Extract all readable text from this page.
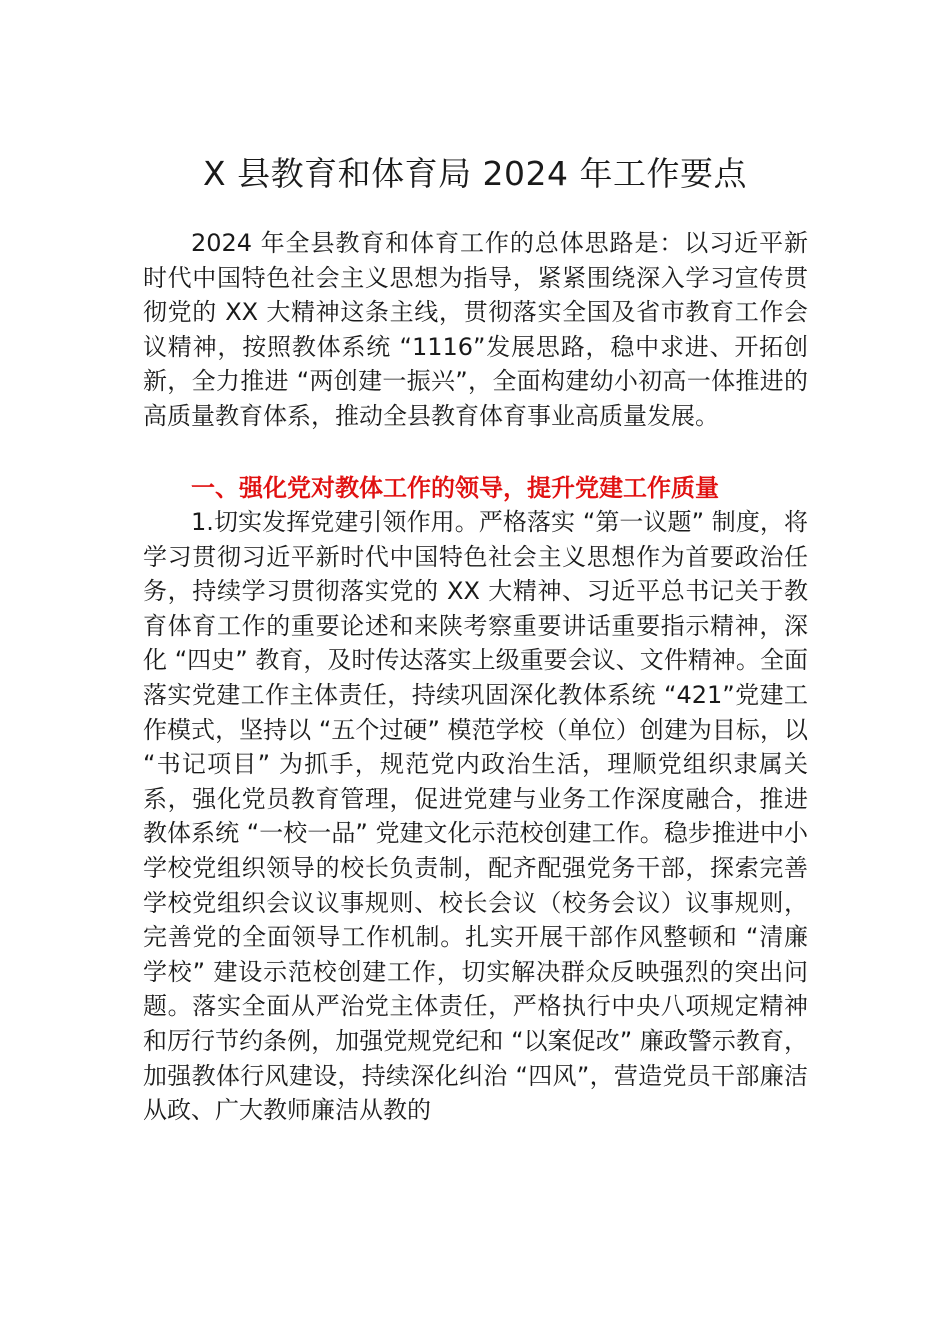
X 县教育和体育局 2024 年工作要点

2024 年全县教育和体育工作的总体思路是：以习近平新时代中国特色社会主义思想为指导，紧紧围绕深入学习宣传贯彻党的 XX 大精神这条主线，贯彻落实全国及省市教育工作会议精神，按照教体系统 “1116”发展思路，稳中求进、开拓创新，全力推进 “两创建一振兴”，全面构建幼小初高一体推进的高质量教育体系，推动全县教育体育事业高质量发展。

一、强化党对教体工作的领导，提升党建工作质量

1.切实发挥党建引领作用。严格落实 “第一议题” 制度，将学习贯彻习近平新时代中国特色社会主义思想作为首要政治任务，持续学习贯彻落实党的 XX 大精神、习近平总书记关于教育体育工作的重要论述和来陕考察重要讲话重要指示精神，深化 “四史” 教育，及时传达落实上级重要会议、文件精神。全面落实党建工作主体责任，持续巩固深化教体系统 “421”党建工作模式，坚持以 “五个过硬” 模范学校（单位）创建为目标，以 “书记项目” 为抓手，规范党内政治生活，理顺党组织隶属关系，强化党员教育管理，促进党建与业务工作深度融合，推进教体系统 “一校一品” 党建文化示范校创建工作。稳步推进中小学校党组织领导的校长负责制，配齐配强党务干部，探索完善学校党组织会议议事规则、校长会议（校务会议）议事规则，完善党的全面领导工作机制。扎实开展干部作风整顿和 “清廉学校” 建设示范校创建工作，切实解决群众反映强烈的突出问题。落实全面从严治党主体责任，严格执行中央八项规定精神和厉行节约条例，加强党规党纪和 “以案促改” 廉政警示教育，加强教体行风建设，持续深化纠治 “四风”，营造党员干部廉洁从政、广大教师廉洁从教的
